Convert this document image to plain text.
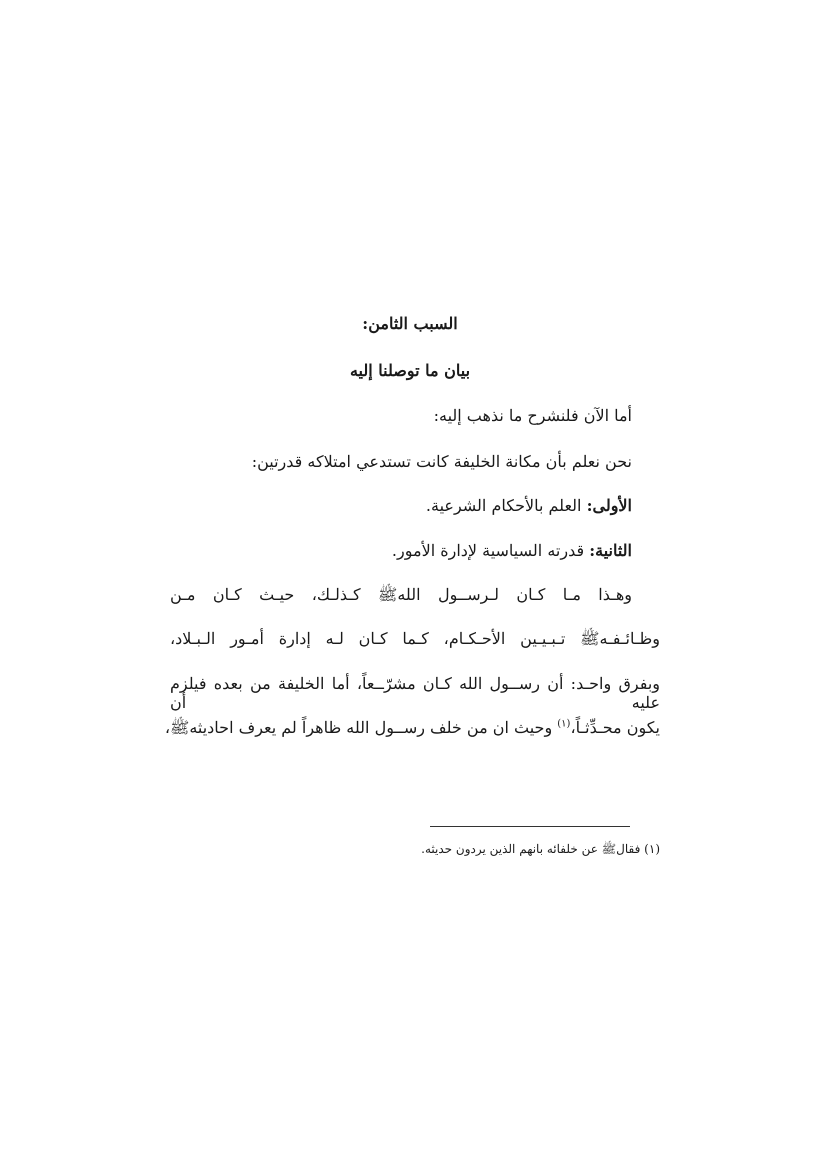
السبب الثامن:
بيان ما توصلنا إليه
أما الآن فلنشرح ما نذهب إليه:
نحن نعلم بأن مكانة الخليفة كانت تستدعي امتلاكه قدرتين:
الأولى: العلم بالأحكام الشرعية.
الثانية: قدرته السياسية لإدارة الأمور.
وهـذا مـا كـان لـرســول اللهﷺ كـذلـك، حيـث كـان مـن
وظـائـفـهﷺ تـبـيـين الأحـكـام، كـما كـان لـه إدارة أمـور الـبـلاد،
وبفرق واحـد: أن رســول الله كـان مشرّــعاً، أما الخليفة من بعده فيلزم عليه أن
يكون محـدِّثـاً،$^{(١)}$ وحيث ان من خلف رســول الله ظاهراً لم يعرف احاديثهﷺ،
(١) فقالﷺ عن خلفائه بانهم الذين يردون حديثه.
